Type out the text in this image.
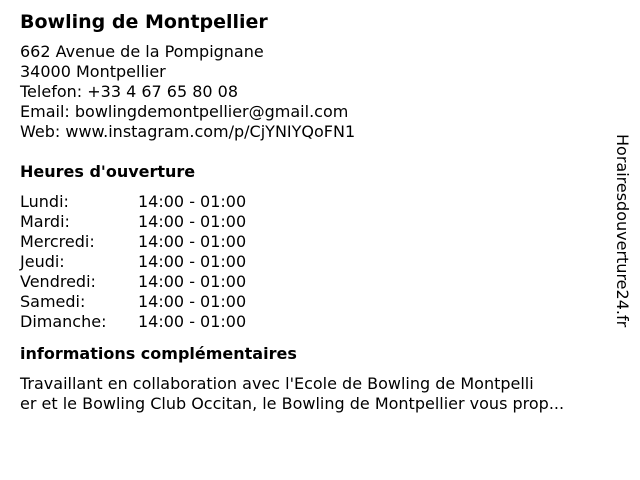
Bowling de Montpellier
662 Avenue de la Pompignane
34000 Montpellier
Telefon: +33 4 67 65 80 08
Email: bowlingdemontpellier@gmail.com
Web: www.instagram.com/p/CjYNIYQoFN1
Heures d'ouverture
Lundi:	14:00 - 01:00
Mardi:	14:00 - 01:00
Mercredi:	14:00 - 01:00
Jeudi:	14:00 - 01:00
Vendredi:	14:00 - 01:00
Samedi:	14:00 - 01:00
Dimanche:	14:00 - 01:00
informations complémentaires
Travaillant en collaboration avec l'Ecole de Bowling de Montpelli
er et le Bowling Club Occitan, le Bowling de Montpellier vous prop...
Horairesdouverture24.fr
